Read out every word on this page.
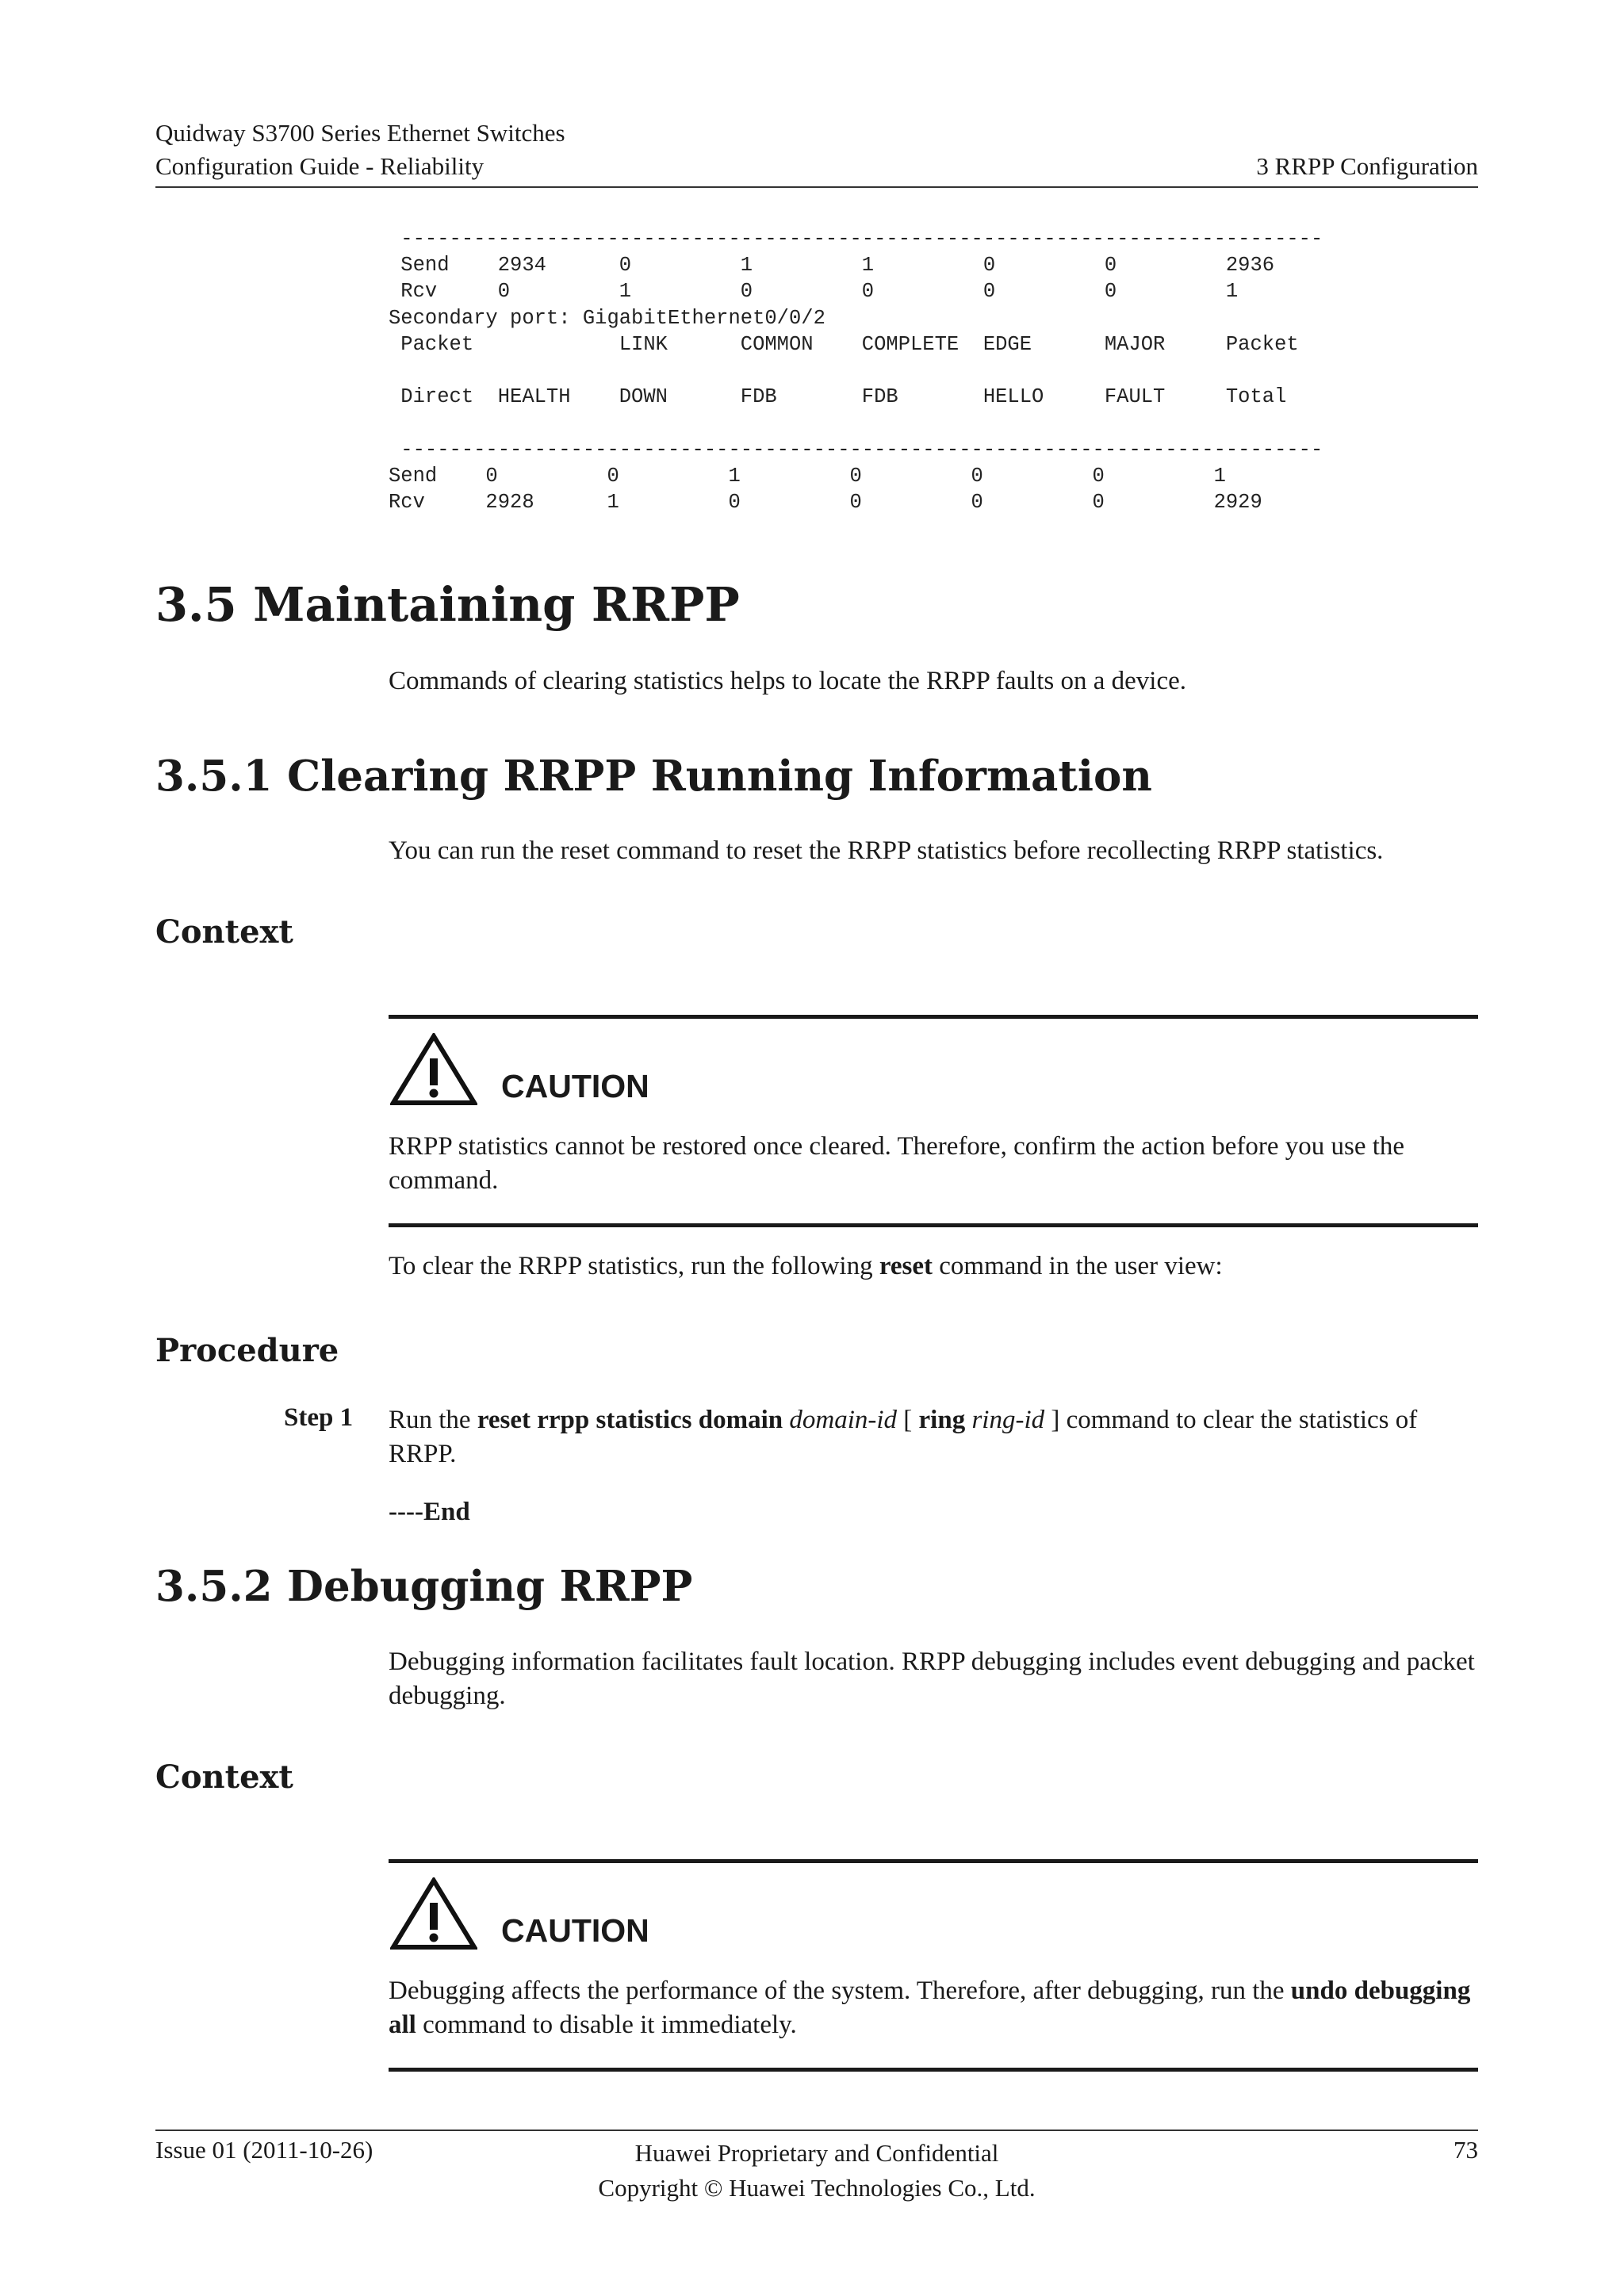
Quidway S3700 Series Ethernet Switches
Configuration Guide - Reliability	3 RRPP Configuration
----------------------------------------------------------------------------
Send    2934      0         1         1         0         0         2936
Rcv     0         1         0         0         0         0         1
Secondary port: GigabitEthernet0/0/2
Packet            LINK      COMMON    COMPLETE  EDGE      MAJOR     Packet

Direct  HEALTH    DOWN      FDB       FDB       HELLO     FAULT     Total

----------------------------------------------------------------------------
Send    0         0         1         0         0         0         1
Rcv     2928      1         0         0         0         0         2929
3.5 Maintaining RRPP
Commands of clearing statistics helps to locate the RRPP faults on a device.
3.5.1 Clearing RRPP Running Information
You can run the reset command to reset the RRPP statistics before recollecting RRPP statistics.
Context
CAUTION
RRPP statistics cannot be restored once cleared. Therefore, confirm the action before you use the command.
To clear the RRPP statistics, run the following reset command in the user view:
Procedure
Step 1 Run the reset rrpp statistics domain domain-id [ ring ring-id ] command to clear the statistics of RRPP.
----End
3.5.2 Debugging RRPP
Debugging information facilitates fault location. RRPP debugging includes event debugging and packet debugging.
Context
CAUTION
Debugging affects the performance of the system. Therefore, after debugging, run the undo debugging all command to disable it immediately.
Issue 01 (2011-10-26)	Huawei Proprietary and Confidential
Copyright © Huawei Technologies Co., Ltd.
73
